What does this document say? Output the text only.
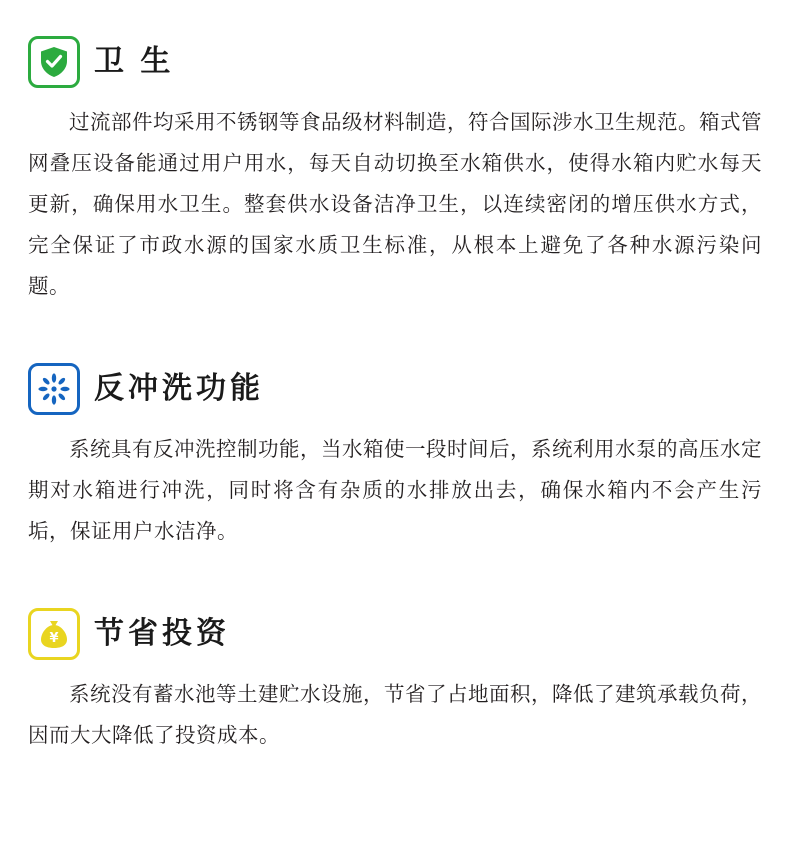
卫 生
过流部件均采用不锈钢等食品级材料制造，符合国际涉水卫生规范。箱式管网叠压设备能通过用户用水，每天自动切换至水箱供水，使得水箱内贮水每天更新，确保用水卫生。整套供水设备洁净卫生，以连续密闭的增压供水方式，完全保证了市政水源的国家水质卫生标准，从根本上避免了各种水源污染问题。
反冲洗功能
系统具有反冲洗控制功能，当水箱使一段时间后，系统利用水泵的高压水定期对水箱进行冲洗，同时将含有杂质的水排放出去，确保水箱内不会产生污垢，保证用户水洁净。
¥ 节省投资
系统没有蓄水池等土建贮水设施，节省了占地面积，降低了建筑承载负荷，因而大大降低了投资成本。
